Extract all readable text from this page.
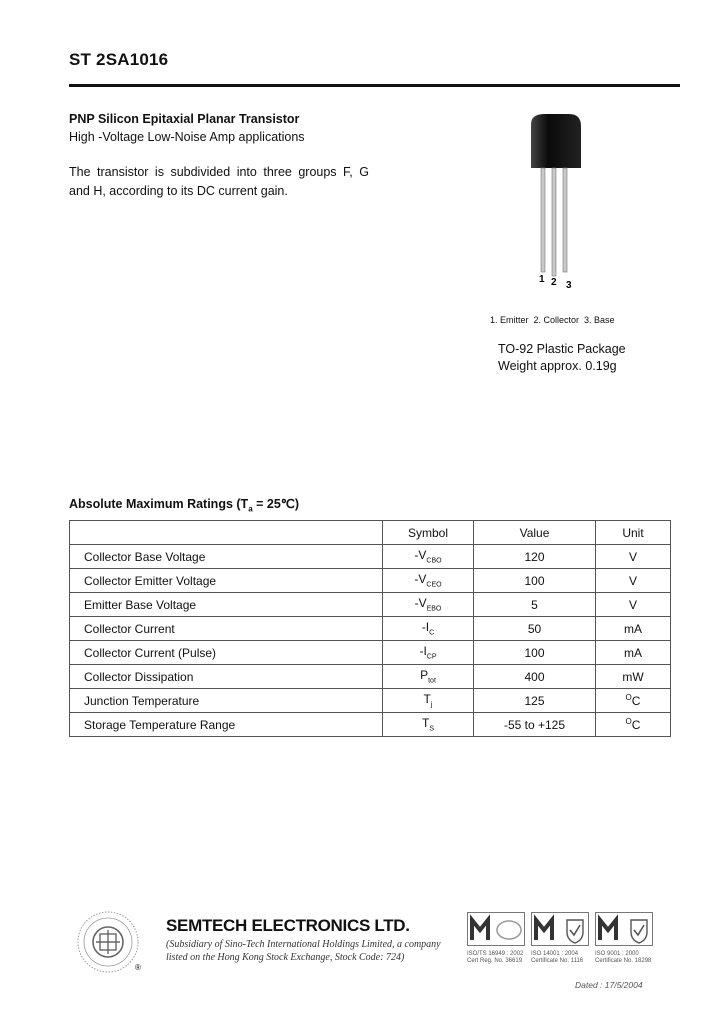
ST 2SA1016
PNP Silicon Epitaxial Planar Transistor
High -Voltage Low-Noise Amp applications
The transistor is subdivided into three groups F, G and H, according to its DC current gain.
1 2 3
1. Emitter  2. Collector  3. Base
TO-92 Plastic Package
Weight approx. 0.19g
Absolute Maximum Ratings ($T_a$ = 25℃)
	Symbol	Value	Unit
Collector Base Voltage	$-V_{CBO}$	120	V
Collector Emitter Voltage	$-V_{CEO}$	100	V
Emitter Base Voltage	$-V_{EBO}$	5	V
Collector Current	$-I_C$	50	mA
Collector Current (Pulse)	$-I_{CP}$	100	mA
Collector Dissipation	$P_{tot}$	400	mW
Junction Temperature	$T_j$	125	$^O$C
Storage Temperature Range	$T_S$	-55 to +125	$^O$C
®
SEMTECH ELECTRONICS LTD.
(Subsidiary of Sino-Tech International Holdings Limited, a company
listed on the Hong Kong Stock Exchange, Stock Code: 724)	ISO/TS 16949 : 2002
Cert Reg. No. 36619
ISO 14001 : 2004
Certificate No. 1116
ISO 9001 : 2000
Certificate No. 18298
Dated : 17/5/2004
